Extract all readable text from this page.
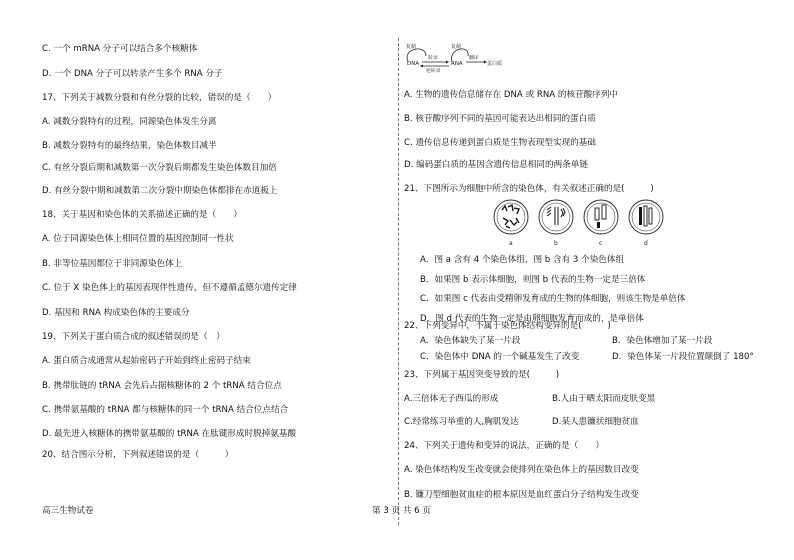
C. 一个 mRNA 分子可以结合多个核糖体
D. 一个 DNA 分子可以转录产生多个 RNA 分子
17、下列关于减数分裂和有丝分裂的比较，错误的是（　　）
A. 减数分裂特有的过程，同源染色体发生分离
B. 减数分裂特有的最终结果，染色体数目减半
C. 有丝分裂后期和减数第一次分裂后期都发生染色体数目加倍
D. 有丝分裂中期和减数第二次分裂中期染色体都排在赤道板上
18、关于基因和染色体的关系描述正确的是（　　）
A. 位于同源染色体上相同位置的基因控制同一性状
B. 非等位基因都位于非同源染色体上
C. 位于 X 染色体上的基因表现伴性遗传，但不遵循孟德尔遗传定律
D. 基因和 RNA 构成染色体的主要成分
19、下列关于蛋白质合成的叙述错误的是（　）
A. 蛋白质合成通常从起始密码子开始到终止密码子结束
B. 携带肽链的 tRNA 会先后占据核糖体的 2 个 tRNA 结合位点
C. 携带氨基酸的 tRNA 都与核糖体的同一个 tRNA 结合位点结合
D. 最先进入核糖体的携带氨基酸的 tRNA 在肽键形成时脱掉氨基酸
20、结合图示分析，下列叙述错误的是（　　　）
复制
DNA
转录
逆转录
复制
RNA
翻译
蛋白质
A. 生物的遗传信息储存在 DNA 或 RNA 的核苷酸序列中
B. 核苷酸序列不同的基因可能表达出相同的蛋白质
C. 遗传信息传递到蛋白质是生物表现型实现的基础
D. 编码蛋白质的基因含遗传信息相同的两条单链
21、下图所示为细胞中所含的染色体，有关叙述正确的是(　　　)
a	b	c	d
A．图 a 含有 4 个染色体组，图 b 含有 3 个染色体组
B．如果图 b 表示体细胞，则图 b 代表的生物一定是三倍体
C．如果图 c 代表由受精卵发育成的生物的体细胞，则该生物是单倍体
D．图 d 代表的生物一定是由卵细胞发育而成的，是单倍体
22、下列变异中，不属于染色体结构变异的是(　　　)
A．染色体缺失了某一片段	B．染色体增加了某一片段
C．染色体中 DNA 的一个碱基发生了改变	D．染色体某一片段位置颠倒了 180°
23、下列属于基因突变导致的是(　　　)
A.三倍体无子西瓜的形成	B.人由于晒太阳而皮肤变黑
C.经常练习举重的人,胸肌发达	D.某人患镰状细胞贫血
24、下列关于遗传和变异的说法，正确的是（　　）
A. 染色体结构发生改变就会使排列在染色体上的基因数目改变
B. 镰刀型细胞贫血症的根本原因是血红蛋白分子结构发生改变
高三生物试卷	第 3 页 共 6 页
